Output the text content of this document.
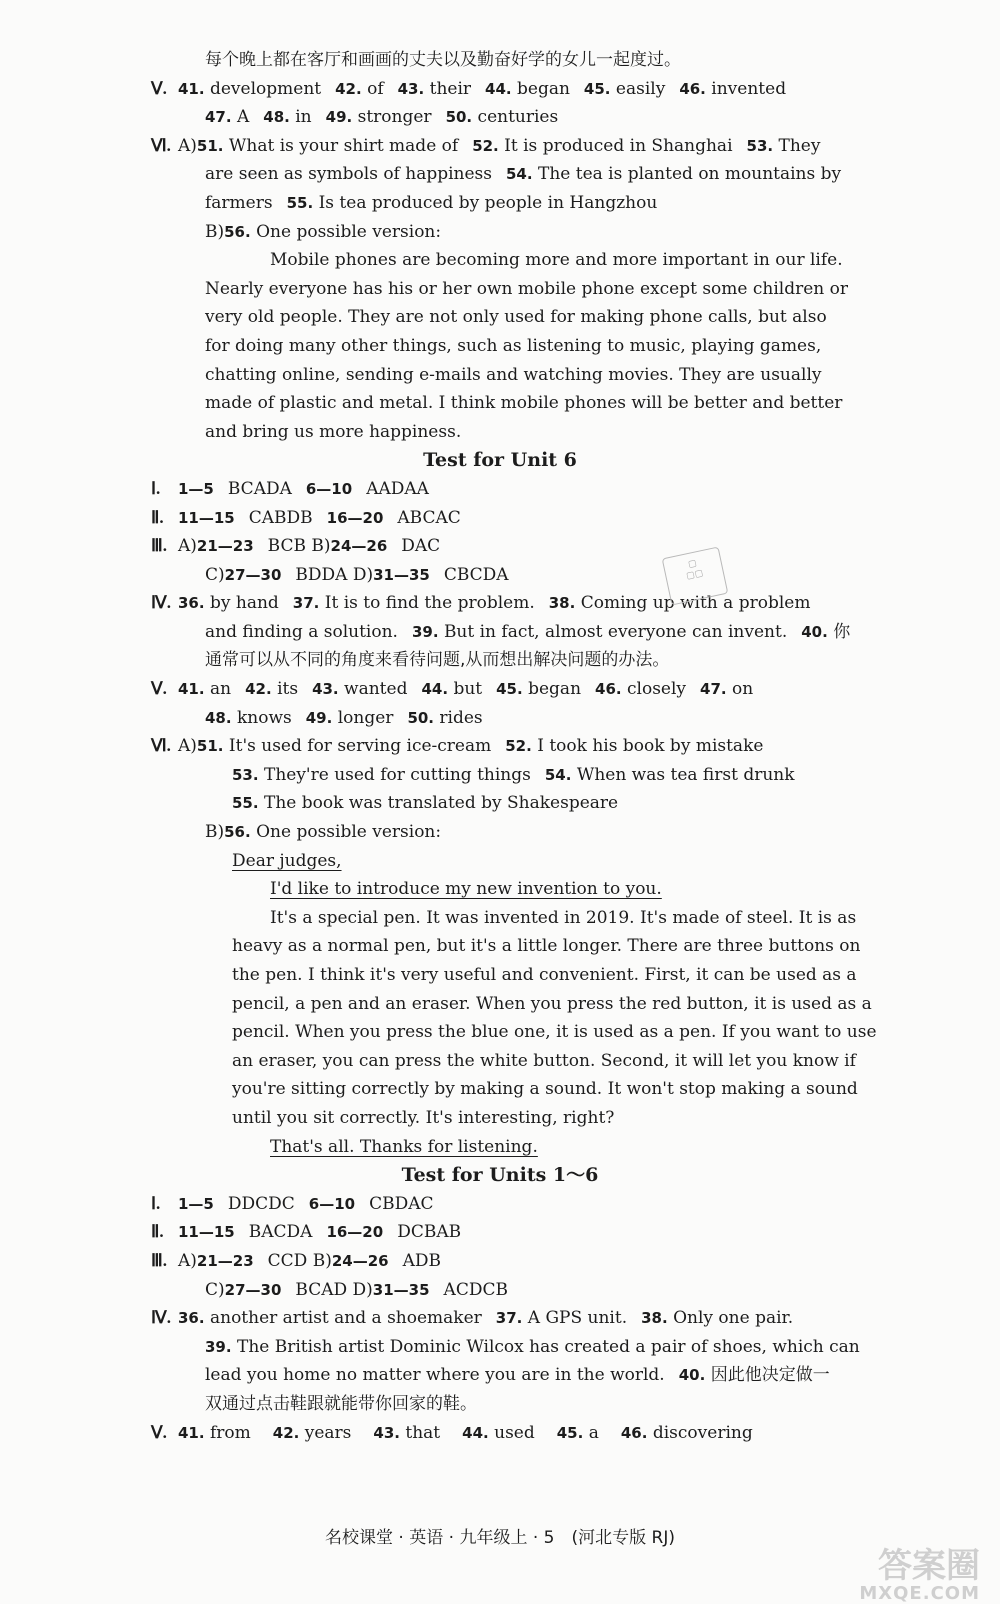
每个晚上都在客厅和画画的丈夫以及勤奋好学的女儿一起度过。
Ⅴ. 41. development 42. of 43. their 44. began 45. easily 46. invented
47. A 48. in 49. stronger 50. centuries
Ⅵ. A)51. What is your shirt made of 52. It is produced in Shanghai 53. They
are seen as symbols of happiness 54. The tea is planted on mountains by
farmers 55. Is tea produced by people in Hangzhou
B)56. One possible version:
Mobile phones are becoming more and more important in our life.
Nearly everyone has his or her own mobile phone except some children or
very old people. They are not only used for making phone calls, but also
for doing many other things, such as listening to music, playing games,
chatting online, sending e-mails and watching movies. They are usually
made of plastic and metal. I think mobile phones will be better and better
and bring us more happiness.
Test for Unit 6
Ⅰ. 1—5 BCADA 6—10 AADAA
Ⅱ. 11—15 CABDB 16—20 ABCAC
Ⅲ. A)21—23 BCB B)24—26 DAC
C)27—30 BDDA D)31—35 CBCDA
Ⅳ. 36. by hand 37. It is to find the problem. 38. Coming up with a problem
and finding a solution. 39. But in fact, almost everyone can invent. 40. 你
通常可以从不同的角度来看待问题,从而想出解决问题的办法。
Ⅴ. 41. an 42. its 43. wanted 44. but 45. began 46. closely 47. on
48. knows 49. longer 50. rides
Ⅵ. A)51. It's used for serving ice-cream 52. I took his book by mistake
53. They're used for cutting things 54. When was tea first drunk
55. The book was translated by Shakespeare
B)56. One possible version:
Dear judges,
I'd like to introduce my new invention to you.
It's a special pen. It was invented in 2019. It's made of steel. It is as
heavy as a normal pen, but it's a little longer. There are three buttons on
the pen. I think it's very useful and convenient. First, it can be used as a
pencil, a pen and an eraser. When you press the red button, it is used as a
pencil. When you press the blue one, it is used as a pen. If you want to use
an eraser, you can press the white button. Second, it will let you know if
you're sitting correctly by making a sound. It won't stop making a sound
until you sit correctly. It's interesting, right?
That's all. Thanks for listening.
Test for Units 1～6
Ⅰ. 1—5 DDCDC 6—10 CBDAC
Ⅱ. 11—15 BACDA 16—20 DCBAB
Ⅲ. A)21—23 CCD B)24—26 ADB
C)27—30 BCAD D)31—35 ACDCB
Ⅳ. 36. another artist and a shoemaker 37. A GPS unit. 38. Only one pair.
39. The British artist Dominic Wilcox has created a pair of shoes, which can
lead you home no matter where you are in the world. 40. 因此他决定做一
双通过点击鞋跟就能带你回家的鞋。
Ⅴ. 41. from 42. years 43. that 44. used 45. a 46. discovering
▢
▢▢
名校课堂 · 英语 · 九年级上 · 5　(河北专版 RJ)
答案圈
MXQE.COM
